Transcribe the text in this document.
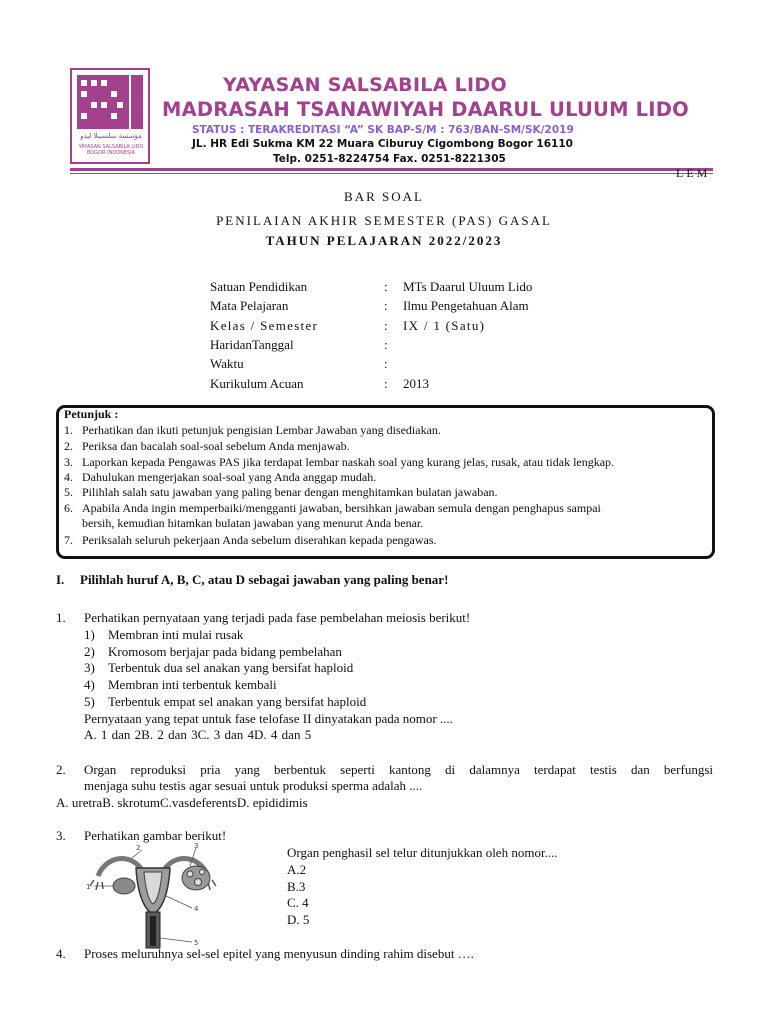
مؤسسة سلسبيلا ليدو
YAYASAN SALSABILA LIDO BOGOR INDONESIA
YAYASAN SALSABILA LIDO
MADRASAH TSANAWIYAH DAARUL ULUUM LIDO
STATUS : TERAKREDITASI “A” SK BAP-S/M : 763/BAN-SM/SK/2019
JL. HR Edi Sukma KM 22 Muara Ciburuy Cigombong Bogor 16110
Telp. 0251-8224754 Fax. 0251-8221305
LEM
BAR SOAL
PENILAIAN AKHIR SEMESTER (PAS) GASAL
TAHUN PELAJARAN 2022/2023
Satuan Pendidikan	: MTs Daarul Uluum Lido
Mata Pelajaran	: Ilmu Pengetahuan Alam
Kelas / Semester	: IX / 1 (Satu)
HaridanTanggal	:
Waktu	:
Kurikulum Acuan	: 2013
Petunjuk :
1. Perhatikan dan ikuti petunjuk pengisian Lembar Jawaban yang disediakan.
2. Periksa dan bacalah soal-soal sebelum Anda menjawab.
3. Laporkan kepada Pengawas PAS jika terdapat lembar naskah soal yang kurang jelas, rusak, atau tidak lengkap.
4. Dahulukan mengerjakan soal-soal yang Anda anggap mudah.
5. Pilihlah salah satu jawaban yang paling benar dengan menghitamkan bulatan jawaban.
6. Apabila Anda ingin memperbaiki/mengganti jawaban, bersihkan jawaban semula dengan penghapus sampai
bersih, kemudian hitamkan bulatan jawaban yang menurut Anda benar.
7. Periksalah seluruh pekerjaan Anda sebelum diserahkan kepada pengawas.
I. Pilihlah huruf A, B, C, atau D sebagai jawaban yang paling benar!
1. Perhatikan pernyataan yang terjadi pada fase pembelahan meiosis berikut!
1) Membran inti mulai rusak
2) Kromosom berjajar pada bidang pembelahan
3) Terbentuk dua sel anakan yang bersifat haploid
4) Membran inti terbentuk kembali
5) Terbentuk empat sel anakan yang bersifat haploid
Pernyataan yang tepat untuk fase telofase II dinyatakan pada nomor ....
A. 1 dan 2B. 2 dan 3C. 3 dan 4D. 4 dan 5
2. Organ reproduksi pria yang berbentuk seperti kantong di dalamnya terdapat testis dan berfungsi
menjaga suhu testis agar sesuai untuk produksi sperma adalah ....
A. uretraB. skrotumC.vasdeferentsD. epididimis
3. Perhatikan gambar berikut!
Organ penghasil sel telur ditunjukkan oleh nomor....
A.2
B.3
C. 4
D. 5
1
2	3
4
5
4. Proses meluruhnya sel-sel epitel yang menyusun dinding rahim disebut ….
